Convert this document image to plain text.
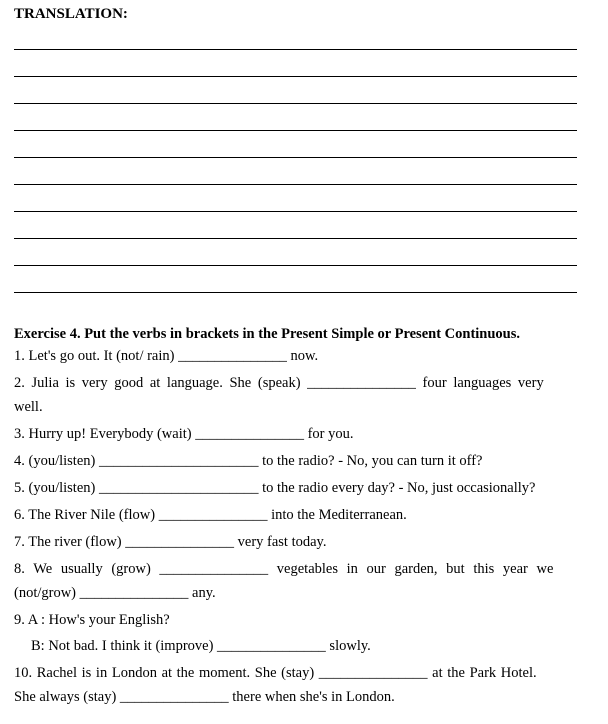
TRANSLATION:
Exercise 4. Put the verbs in brackets in the Present Simple or Present Continuous.
1. Let's go out. It (not/ rain) _______________ now.
2. Julia is very good at language. She (speak) _______________ four languages very
well.
3. Hurry up! Everybody (wait) _______________ for you.
4. (you/listen) ______________________ to the radio? - No, you can turn it off?
5. (you/listen) ______________________ to the radio every day? - No, just occasionally?
6. The River Nile (flow) _______________ into the Mediterranean.
7. The river (flow) _______________ very fast today.
8. We usually (grow) _______________ vegetables in our garden, but this year we
(not/grow) _______________ any.
9. A : How's your English?
B: Not bad. I think it (improve) _______________ slowly.
10. Rachel is in London at the moment. She (stay) _______________ at the Park Hotel.
She always (stay) _______________ there when she's in London.
